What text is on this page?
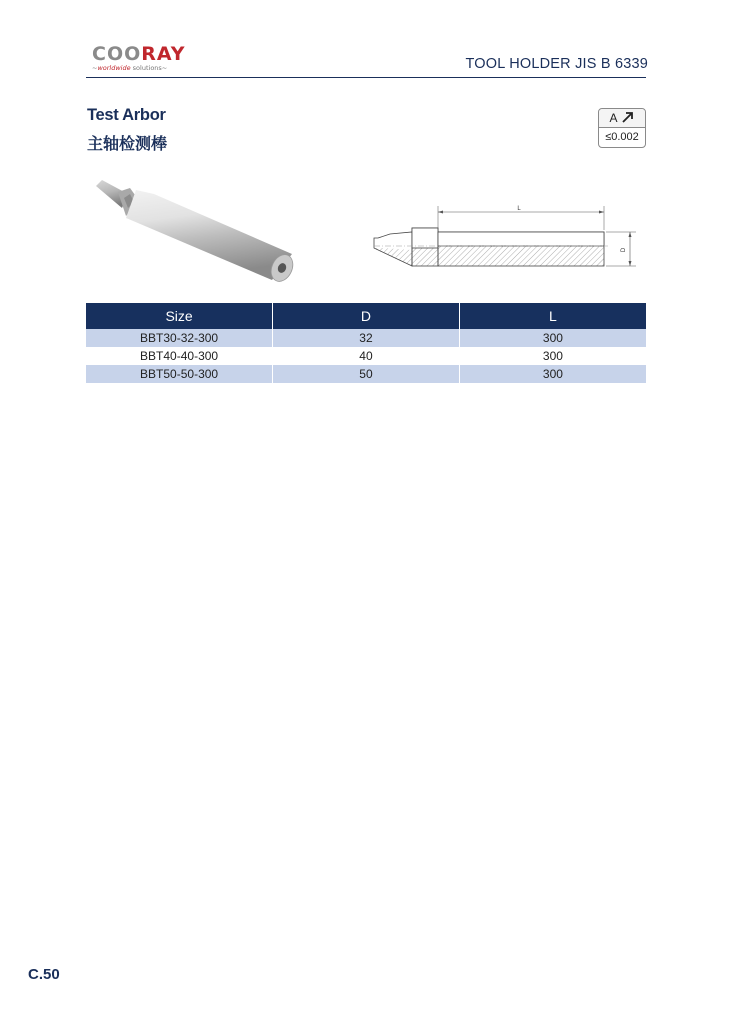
COORAY
~worldwide solutions~	TOOL HOLDER JIS B 6339
Test Arbor
主轴检测棒
A
≤0.002
L
D
Size	D	L
BBT30-32-300	32	300
BBT40-40-300	40	300
BBT50-50-300	50	300
C.50
